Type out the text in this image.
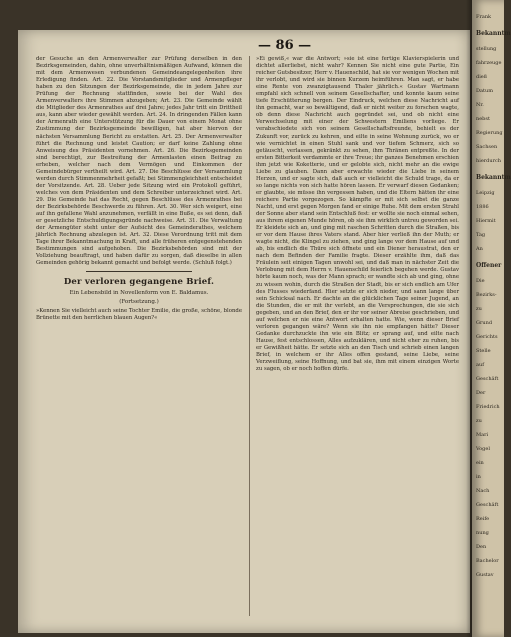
— 86 —

der Gesuche an den Armenverwalter zur Prüfung derselben in den Bezirksgemeinden, dahin, ohne unverhältnismäßigen Aufwand, können die mit dem Armenwesen verbundenen Gemeindeangelegenheiten ihre Erledigung finden. Art. 22. Die Vorstandsmitglieder und Armenpfleger haben zu den Sitzungen der Bezirksgemeinde, die in jedem Jahre zur Prüfung der Rechnung stattfinden, sowie bei der Wahl des Armenverwalters ihre Stimmen abzugeben; Art. 23. Die Gemeinde wählt die Mitglieder des Armenrathes auf drei Jahre; jedes Jahr tritt ein Drittheil aus, kann aber wieder gewählt werden. Art. 24. In dringenden Fällen kann der Armenrath eine Unterstützung für die Dauer von einem Monat ohne Zustimmung der Bezirksgemeinde bewilligen, hat aber hiervon der nächsten Versammlung Bericht zu erstatten. Art. 25. Der Armenverwalter führt die Rechnung und leistet Caution; er darf keine Zahlung ohne Anweisung des Präsidenten vornehmen. Art. 26. Die Bezirksgemeinden sind berechtigt, zur Bestreitung der Armenlasten einen Beitrag zu erheben, welcher nach dem Vermögen und Einkommen der Gemeindebürger vertheilt wird. Art. 27. Die Beschlüsse der Versammlung werden durch Stimmenmehrheit gefaßt; bei Stimmengleichheit entscheidet der Vorsitzende. Art. 28. Ueber jede Sitzung wird ein Protokoll geführt, welches von dem Präsidenten und dem Schreiber unterzeichnet wird. Art. 29. Die Gemeinde hat das Recht, gegen Beschlüsse des Armenrathes bei der Bezirksbehörde Beschwerde zu führen. Art. 30. Wer sich weigert, eine auf ihn gefallene Wahl anzunehmen, verfällt in eine Buße, es sei denn, daß er gesetzliche Entschuldigungsgründe nachweise. Art. 31. Die Verwaltung der Armengüter steht unter der Aufsicht des Gemeinderathes, welchem jährlich Rechnung abzulegen ist. Art. 32. Diese Verordnung tritt mit dem Tage ihrer Bekanntmachung in Kraft, und alle früheren entgegenstehenden Bestimmungen sind aufgehoben. Die Bezirksbehörden sind mit der Vollziehung beauftragt, und haben dafür zu sorgen, daß dieselbe in allen Gemeinden gehörig bekannt gemacht und befolgt werde. (Schluß folgt.)

Der verloren gegangene Brief.
Ein Lebensbild in Novellenform von E. Baldamus.
(Fortsetzung.)

»Kennen Sie vielleicht auch seine Tochter Emilie, die große, schöne, blonde Brünette mit den herrlichen blauen Augen?«

»Ei gewiß,« war die Antwort; »sie ist eine fertige Klavierspielerin und dichtet allerliebst, nicht wahr? Kennen Sie nicht eine gute Partie, Ein reicher Gutsbesitzer, Herr v. Hauenschild, hat sie vor wenigen Wochen mit ihr verlobt, und wird sie binnen Kurzem heimführen. Man sagt, er habe eine Rente von zwanzigtausend Thaler jährlich.« Gustav Wartmann empfahl sich schnell von seinem Gesellschafter, und konnte kaum seine tiefe Erschütterung bergen. Der Eindruck, welchen diese Nachricht auf ihn gemacht, war so bewältigend, daß er nicht weiter zu forschen wagte, ob denn diese Nachricht auch gegründet sei, und ob nicht eine Verwechselung mit einer der Schwestern Emiliens vorliege. Er verabschiedete sich von seinem Gesellschaftsfreunde, behielt es der Zukunft vor, zurück zu kehren, und eilte in seine Wohnung zurück, wo er wie vernichtet in einen Stuhl sank und vor tiefem Schmerz, sich so getäuscht, verlassen, gekränkt zu sehen, ihm Thränen entpreßte. In der ersten Bitterkeit verdammte er ihre Treue; ihr ganzes Benehmen erschien ihm jetzt wie Koketterie, und er gelobte sich, nicht mehr an die ewige Liebe zu glauben. Dann aber erwachte wieder die Liebe in seinem Herzen, und er sagte sich, daß auch er vielleicht die Schuld trage, da er so lange nichts von sich hatte hören lassen. Er verwarf diesen Gedanken; er glaubte, sie müsse ihn vergessen haben, und die Eltern hätten ihr eine reichere Partie vorgezogen. So kämpfte er mit sich selbst die ganze Nacht, und erst gegen Morgen fand er einige Ruhe. Mit dem ersten Strahl der Sonne aber stand sein Entschluß fest: er wollte sie noch einmal sehen, aus ihrem eigenen Munde hören, ob sie ihm wirklich untreu geworden sei. Er kleidete sich an, und ging mit raschen Schritten durch die Straßen, bis er vor dem Hause ihres Vaters stand. Aber hier verließ ihn der Muth; er wagte nicht, die Klingel zu ziehen, und ging lange vor dem Hause auf und ab, bis endlich die Thüre sich öffnete und ein Diener heraustrat, den er nach dem Befinden der Familie fragte. Dieser erzählte ihm, daß das Fräulein seit einigen Tagen unwohl sei, und daß man in nächster Zeit die Verlobung mit dem Herrn v. Hauenschild feierlich begehen werde. Gustav hörte kaum noch, was der Mann sprach; er wandte sich ab und ging, ohne zu wissen wohin, durch die Straßen der Stadt, bis er sich endlich am Ufer des Flusses wiederfand. Hier setzte er sich nieder, und sann lange über sein Schicksal nach. Er dachte an die glücklichen Tage seiner Jugend, an die Stunden, die er mit ihr verlebt, an die Versprechungen, die sie sich gegeben, und an den Brief, den er ihr vor seiner Abreise geschrieben, und auf welchen er nie eine Antwort erhalten hatte. Wie, wenn dieser Brief verloren gegangen wäre? Wenn sie ihn nie empfangen hätte? Dieser Gedanke durchzuckte ihn wie ein Blitz; er sprang auf, und eilte nach Hause, fest entschlossen, Alles aufzuklären, und nicht eher zu ruhen, bis er Gewißheit hätte. Er setzte sich an den Tisch und schrieb einen langen Brief, in welchem er ihr Alles offen gestand, seine Liebe, seine Verzweiflung, seine Hoffnung, und bat sie, ihm mit einem einzigen Worte zu sagen, ob er noch hoffen dürfe.

Frank
Bekanntm
stellung
fahrzeuge
dieß
Datum
Nr.
nebst
Regierung
Sachsen
hierdurch
Bekanntm
Leipzig
1886
Hiermit
Tag
An
Offener
Die
Bezirks-
zu
Grund
Gerichts
Stelle
auf
Geschäft
Der
Friedrich
zu
Mari
Vogel
ein
in
Nach
Geschäft
Reife
nung
Den
Bachelor
Gustav
